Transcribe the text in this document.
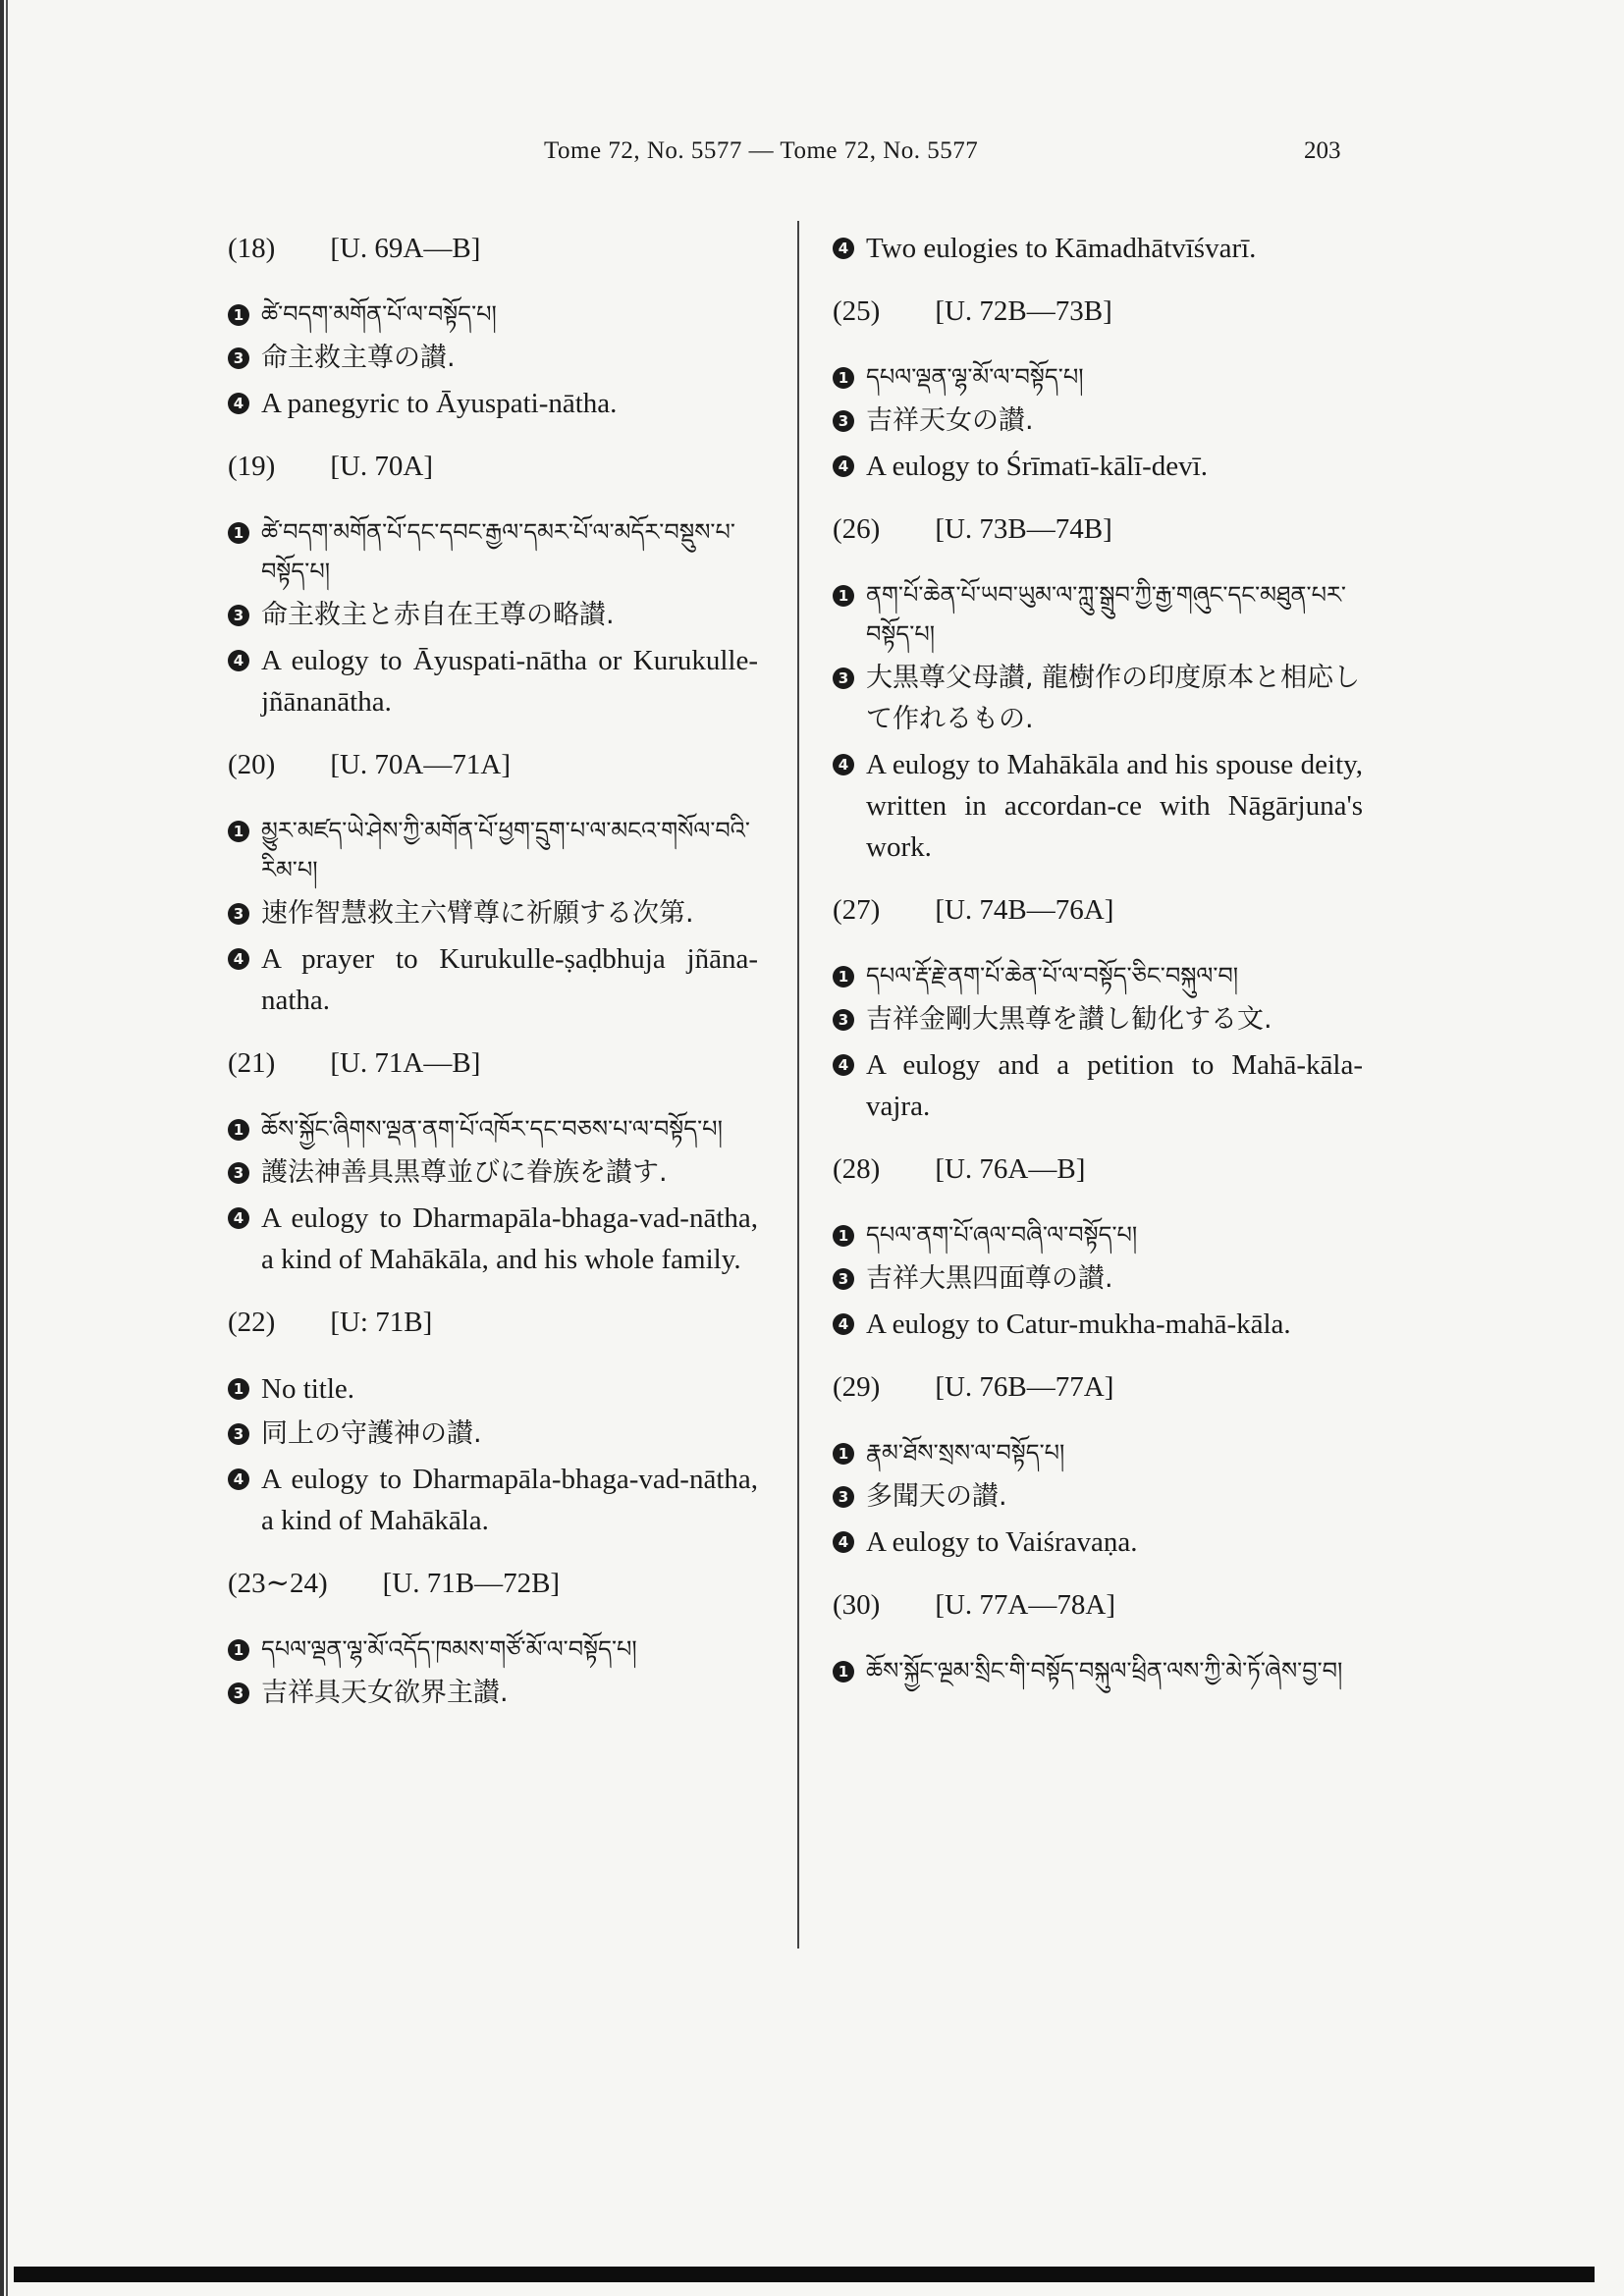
Tome 72, No. 5577 — Tome 72, No. 5577	203
(18) [U. 69A—B]
1 ཚེ་བདག་མགོན་པོ་ལ་བསྟོད་པ།
3 命主救主尊の讃.
4 A panegyric to Āyuspati-nātha.
(19) [U. 70A]
1 ཚེ་བདག་མགོན་པོ་དང་དབང་རྒྱལ་དམར་པོ་ལ་མདོར་བསྡུས་པ་བསྟོད་པ།
3 命主救主と赤自在王尊の略讃.
4 A eulogy to Āyuspati-nātha or Kurukulle-jñānanātha.
(20) [U. 70A—71A]
1 མྱུར་མཛད་ཡེ་ཤེས་ཀྱི་མགོན་པོ་ཕྱག་དྲུག་པ་ལ་མངའ་གསོལ་བའི་རིམ་པ།
3 速作智慧救主六臂尊に祈願する次第.
4 A prayer to Kurukulle-ṣaḍbhuja jñāna-natha.
(21) [U. 71A—B]
1 ཆོས་སྐྱོང་ཞིགས་ལྡན་ནག་པོ་འཁོར་དང་བཅས་པ་ལ་བསྟོད་པ།
3 護法神善具黒尊並びに眷族を讃す.
4 A eulogy to Dharmapāla-bhaga-vad-nātha, a kind of Mahākāla, and his whole family.
(22) [U: 71B]
1 No title.
3 同上の守護神の讃.
4 A eulogy to Dharmapāla-bhaga-vad-nātha, a kind of Mahākāla.
(23∼24) [U. 71B—72B]
1 དཔལ་ལྡན་ལྷ་མོ་འདོད་ཁམས་གཙོ་མོ་ལ་བསྟོད་པ།
3 吉祥具天女欲界主讃.
4 Two eulogies to Kāmadhātvīśvarī.
(25) [U. 72B—73B]
1 དཔལ་ལྡན་ལྷ་མོ་ལ་བསྟོད་པ།
3 吉祥天女の讃.
4 A eulogy to Śrīmatī-kālī-devī.
(26) [U. 73B—74B]
1 ནག་པོ་ཆེན་པོ་ཡབ་ཡུམ་ལ་ཀླུ་སྒྲུབ་ཀྱི་རྒྱ་གཞུང་དང་མཐུན་པར་བསྟོད་པ།
3 大黒尊父母讃, 龍樹作の印度原本と相応して作れるもの.
4 A eulogy to Mahākāla and his spouse deity, written in accordan-ce with Nāgārjuna's work.
(27) [U. 74B—76A]
1 དཔལ་རྡོ་རྗེ་ནག་པོ་ཆེན་པོ་ལ་བསྟོད་ཅིང་བསྐུལ་བ།
3 吉祥金剛大黒尊を讃し勧化する文.
4 A eulogy and a petition to Mahā-kāla-vajra.
(28) [U. 76A—B]
1 དཔལ་ནག་པོ་ཞལ་བཞི་ལ་བསྟོད་པ།
3 吉祥大黒四面尊の讃.
4 A eulogy to Catur-mukha-mahā-kāla.
(29) [U. 76B—77A]
1 རྣམ་ཐོས་སྲས་ལ་བསྟོད་པ།
3 多聞天の讃.
4 A eulogy to Vaiśravaṇa.
(30) [U. 77A—78A]
1 ཆོས་སྐྱོང་ལྔམ་སྲིང་གི་བསྟོད་བསྐུལ་ཕྲིན་ལས་ཀྱི་མེ་ཏོ་ཞེས་བྱ་བ།
